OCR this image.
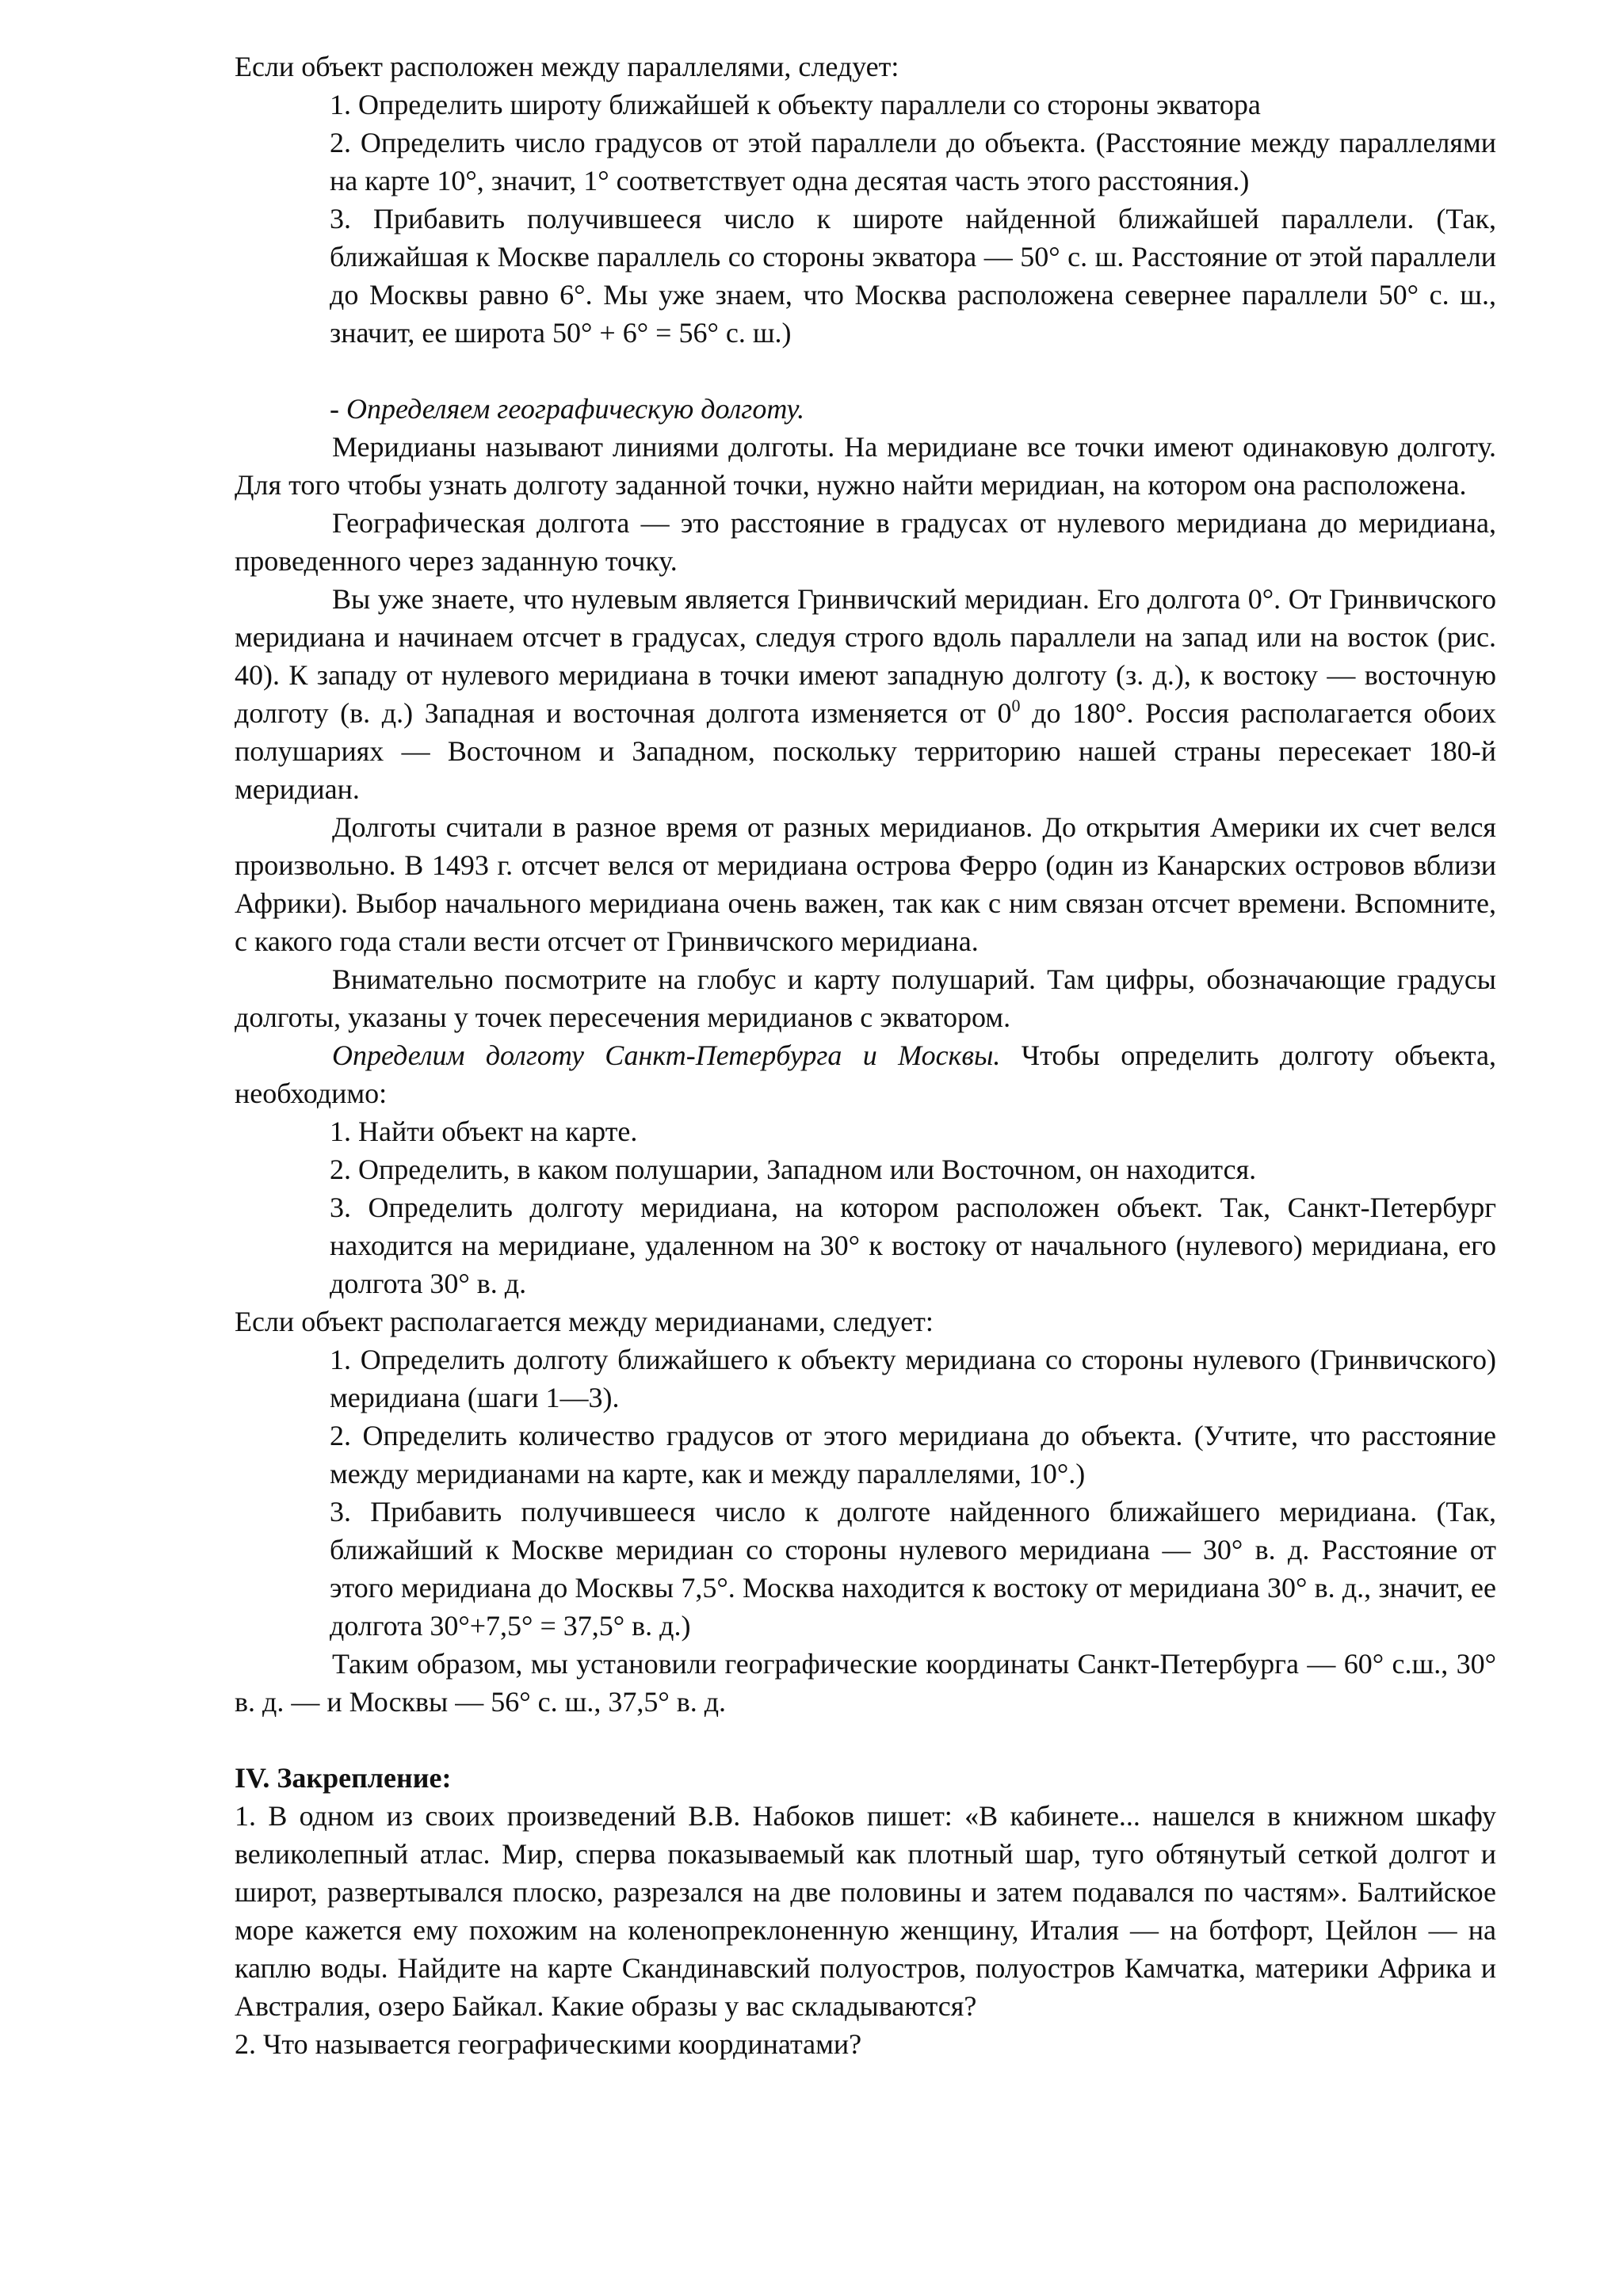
Если объект расположен между параллелями, следует:

1. Определить широту ближайшей к объекту параллели со стороны экватора

2. Определить число градусов от этой параллели до объекта. (Расстояние между параллелями на карте 10°, значит, 1° соответствует одна десятая часть этого расстояния.)

3. Прибавить получившееся число к широте найденной ближайшей параллели. (Так, ближайшая к Москве параллель со стороны экватора — 50° с. ш. Расстояние от этой параллели до Москвы равно 6°. Мы уже знаем, что Москва расположена севернее параллели 50° с. ш., значит, ее широта 50° + 6° = 56° с. ш.)

- Определяем географическую долготу.

Меридианы называют линиями долготы. На меридиане все точки имеют одинаковую долготу. Для того чтобы узнать долготу заданной точки, нужно найти меридиан, на котором она расположена.

Географическая долгота — это расстояние в градусах от нулевого меридиана до меридиана, проведенного через заданную точку.

Вы уже знаете, что нулевым является Гринвичский меридиан. Его долгота 0°. От Гринвичского меридиана и начинаем отсчет в градусах, следуя строго вдоль параллели на запад или на восток (рис. 40). К западу от нулевого меридиана в точки имеют западную долготу (з. д.), к востоку — восточную долготу (в. д.) Западная и восточная долгота изменяется от $0^0$ до 180°. Россия располагается обоих полушариях — Восточном и Западном, поскольку территорию нашей страны пересекает 180-й меридиан.

Долготы считали в разное время от разных меридианов. До открытия Америки их счет велся произвольно. В 1493 г. отсчет велся от меридиана острова Ферро (один из Канарских островов вблизи Африки). Выбор начального меридиана очень важен, так как с ним связан отсчет времени. Вспомните, с какого года стали вести отсчет от Гринвичского меридиана.

Внимательно посмотрите на глобус и карту полушарий. Там цифры, обозначающие градусы долготы, указаны у точек пересечения меридианов с экватором.

Определим долготу Санкт-Петербурга и Москвы. Чтобы определить долготу объекта, необходимо:

1. Найти объект на карте.

2. Определить, в каком полушарии, Западном или Восточном, он находится.

3. Определить долготу меридиана, на котором расположен объект. Так, Санкт-Петербург находится на меридиане, удаленном на 30° к востоку от начального (нулевого) меридиана, его долгота 30° в. д.

Если объект располагается между меридианами, следует:

1. Определить долготу ближайшего к объекту меридиана со стороны нулевого (Гринвичского) меридиана (шаги 1—3).

2. Определить количество градусов от этого меридиана до объекта. (Учтите, что расстояние между меридианами на карте, как и между параллелями, 10°.)

3. Прибавить получившееся число к долготе найденного ближайшего меридиана. (Так, ближайший к Москве меридиан со стороны нулевого меридиана — 30° в. д. Расстояние от этого меридиана до Москвы 7,5°. Москва находится к востоку от меридиана 30° в. д., значит, ее долгота 30°+7,5° = 37,5° в. д.)

Таким образом, мы установили географические координаты Санкт-Петербурга — 60° с.ш., 30° в. д. — и Москвы — 56° с. ш., 37,5° в. д.

IV. Закрепление:

1. В одном из своих произведений В.В. Набоков пишет: «В кабинете... нашелся в книжном шкафу великолепный атлас. Мир, сперва показываемый как плотный шар, туго обтянутый сеткой долгот и широт, развертывался плоско, разрезался на две половины и затем подавался по частям». Балтийское море кажется ему похожим на коленопреклоненную женщину, Италия — на ботфорт, Цейлон — на каплю воды. Найдите на карте Скандинавский полуостров, полуостров Камчатка, материки Африка и Австралия, озеро Байкал. Какие образы у вас складываются?

2. Что называется географическими координатами?
